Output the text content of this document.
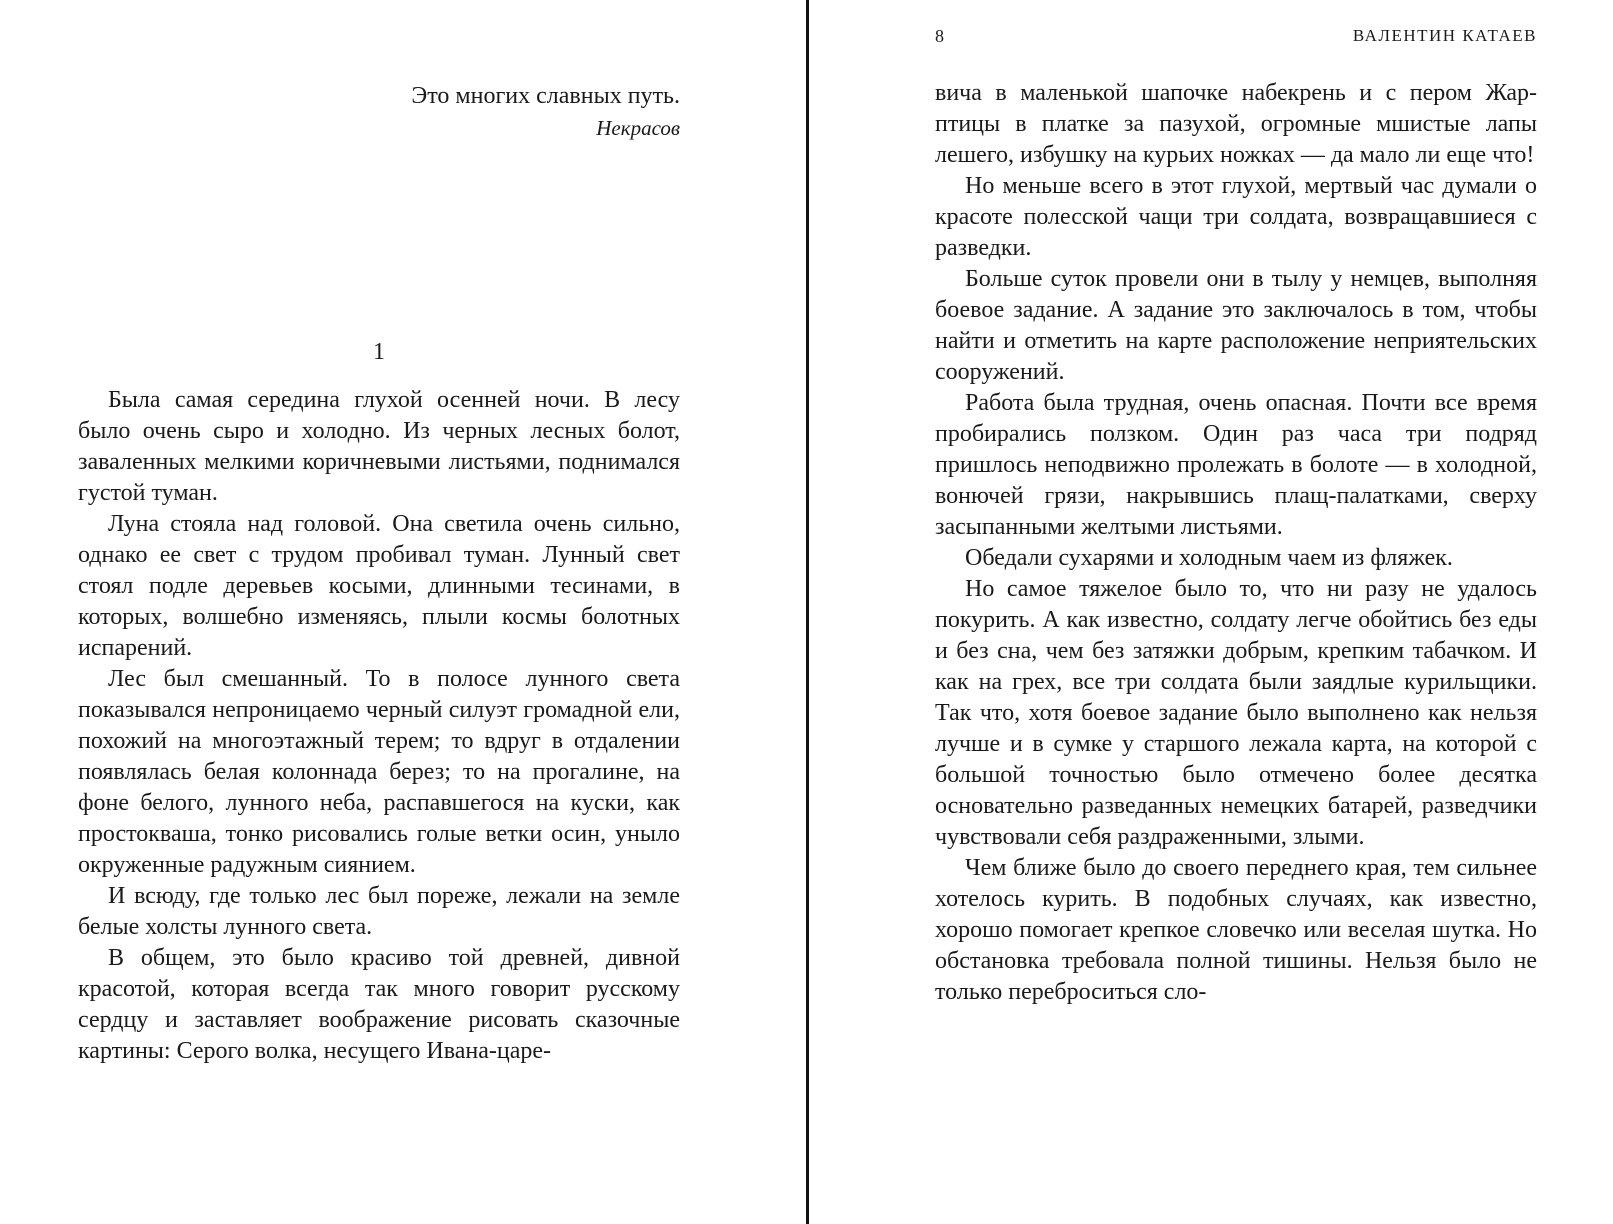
Это многих славных путь.
Некрасов
1

Была самая середина глухой осенней ночи. В лесу было очень сыро и холодно. Из черных лесных болот, заваленных мелкими коричневыми листьями, поднимался густой туман.

Луна стояла над головой. Она светила очень сильно, однако ее свет с трудом пробивал туман. Лунный свет стоял подле деревьев косыми, длинными тесинами, в которых, волшебно изменяясь, плыли космы болотных испарений.

Лес был смешанный. То в полосе лунного света показывался непроницаемо черный силуэт громадной ели, похожий на многоэтажный терем; то вдруг в отдалении появлялась белая колоннада берез; то на прогалине, на фоне белого, лунного неба, распавшегося на куски, как простокваша, тонко рисовались голые ветки осин, уныло окруженные радужным сиянием.

И всюду, где только лес был пореже, лежали на земле белые холсты лунного света.

В общем, это было красиво той древней, дивной красотой, которая всегда так много говорит русскому сердцу и заставляет воображение рисовать сказочные картины: Серого волка, несущего Ивана-царе-

8	ВАЛЕНТИН КАТАЕВ

вича в маленькой шапочке набекрень и с пером Жар-птицы в платке за пазухой, огромные мшистые лапы лешего, избушку на курьих ножках — да мало ли еще что!

Но меньше всего в этот глухой, мертвый час думали о красоте полесской чащи три солдата, возвращавшиеся с разведки.

Больше суток провели они в тылу у немцев, выполняя боевое задание. А задание это заключалось в том, чтобы найти и отметить на карте расположение неприятельских сооружений.

Работа была трудная, очень опасная. Почти все время пробирались ползком. Один раз часа три подряд пришлось неподвижно пролежать в болоте — в холодной, вонючей грязи, накрывшись плащ-палатками, сверху засыпанными желтыми листьями.

Обедали сухарями и холодным чаем из фляжек.

Но самое тяжелое было то, что ни разу не удалось покурить. А как известно, солдату легче обойтись без еды и без сна, чем без затяжки добрым, крепким табачком. И как на грех, все три солдата были заядлые курильщики. Так что, хотя боевое задание было выполнено как нельзя лучше и в сумке у старшого лежала карта, на которой с большой точностью было отмечено более десятка основательно разведанных немецких батарей, разведчики чувствовали себя раздраженными, злыми.

Чем ближе было до своего переднего края, тем сильнее хотелось курить. В подобных случаях, как известно, хорошо помогает крепкое словечко или веселая шутка. Но обстановка требовала полной тишины. Нельзя было не только переброситься сло-
